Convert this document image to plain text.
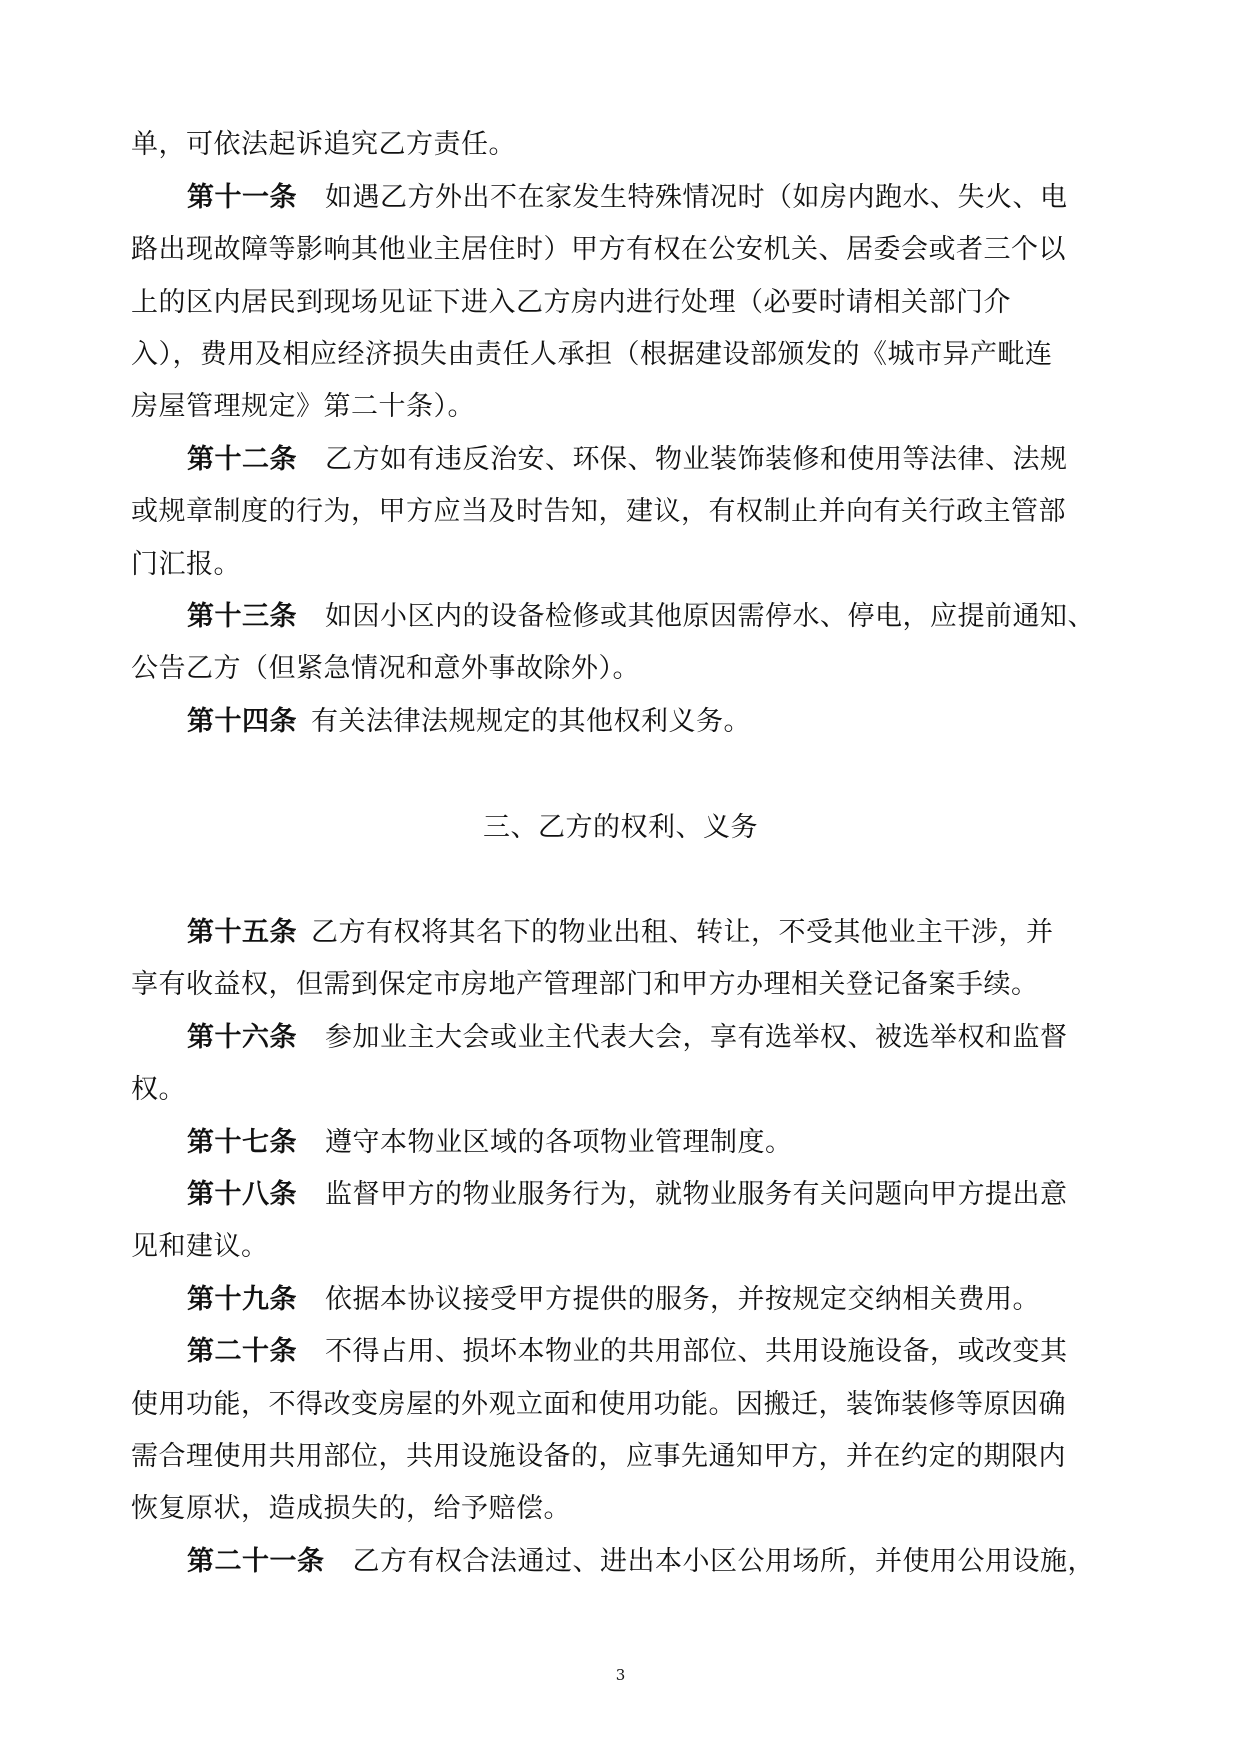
单，可依法起诉追究乙方责任。
第十一条 如遇乙方外出不在家发生特殊情况时（如房内跑水、失火、电
路出现故障等影响其他业主居住时）甲方有权在公安机关、居委会或者三个以
上的区内居民到现场见证下进入乙方房内进行处理（必要时请相关部门介
入），费用及相应经济损失由责任人承担（根据建设部颁发的《城市异产毗连
房屋管理规定》第二十条）。
第十二条 乙方如有违反治安、环保、物业装饰装修和使用等法律、法规
或规章制度的行为，甲方应当及时告知，建议，有权制止并向有关行政主管部
门汇报。
第十三条 如因小区内的设备检修或其他原因需停水、停电，应提前通知、
公告乙方（但紧急情况和意外事故除外）。
第十四条 有关法律法规规定的其他权利义务。
三、乙方的权利、义务
第十五条 乙方有权将其名下的物业出租、转让，不受其他业主干涉，并
享有收益权，但需到保定市房地产管理部门和甲方办理相关登记备案手续。
第十六条 参加业主大会或业主代表大会，享有选举权、被选举权和监督
权。
第十七条 遵守本物业区域的各项物业管理制度。
第十八条 监督甲方的物业服务行为，就物业服务有关问题向甲方提出意
见和建议。
第十九条 依据本协议接受甲方提供的服务，并按规定交纳相关费用。
第二十条 不得占用、损坏本物业的共用部位、共用设施设备，或改变其
使用功能，不得改变房屋的外观立面和使用功能。因搬迁，装饰装修等原因确
需合理使用共用部位，共用设施设备的，应事先通知甲方，并在约定的期限内
恢复原状，造成损失的，给予赔偿。
第二十一条 乙方有权合法通过、进出本小区公用场所，并使用公用设施，
3
